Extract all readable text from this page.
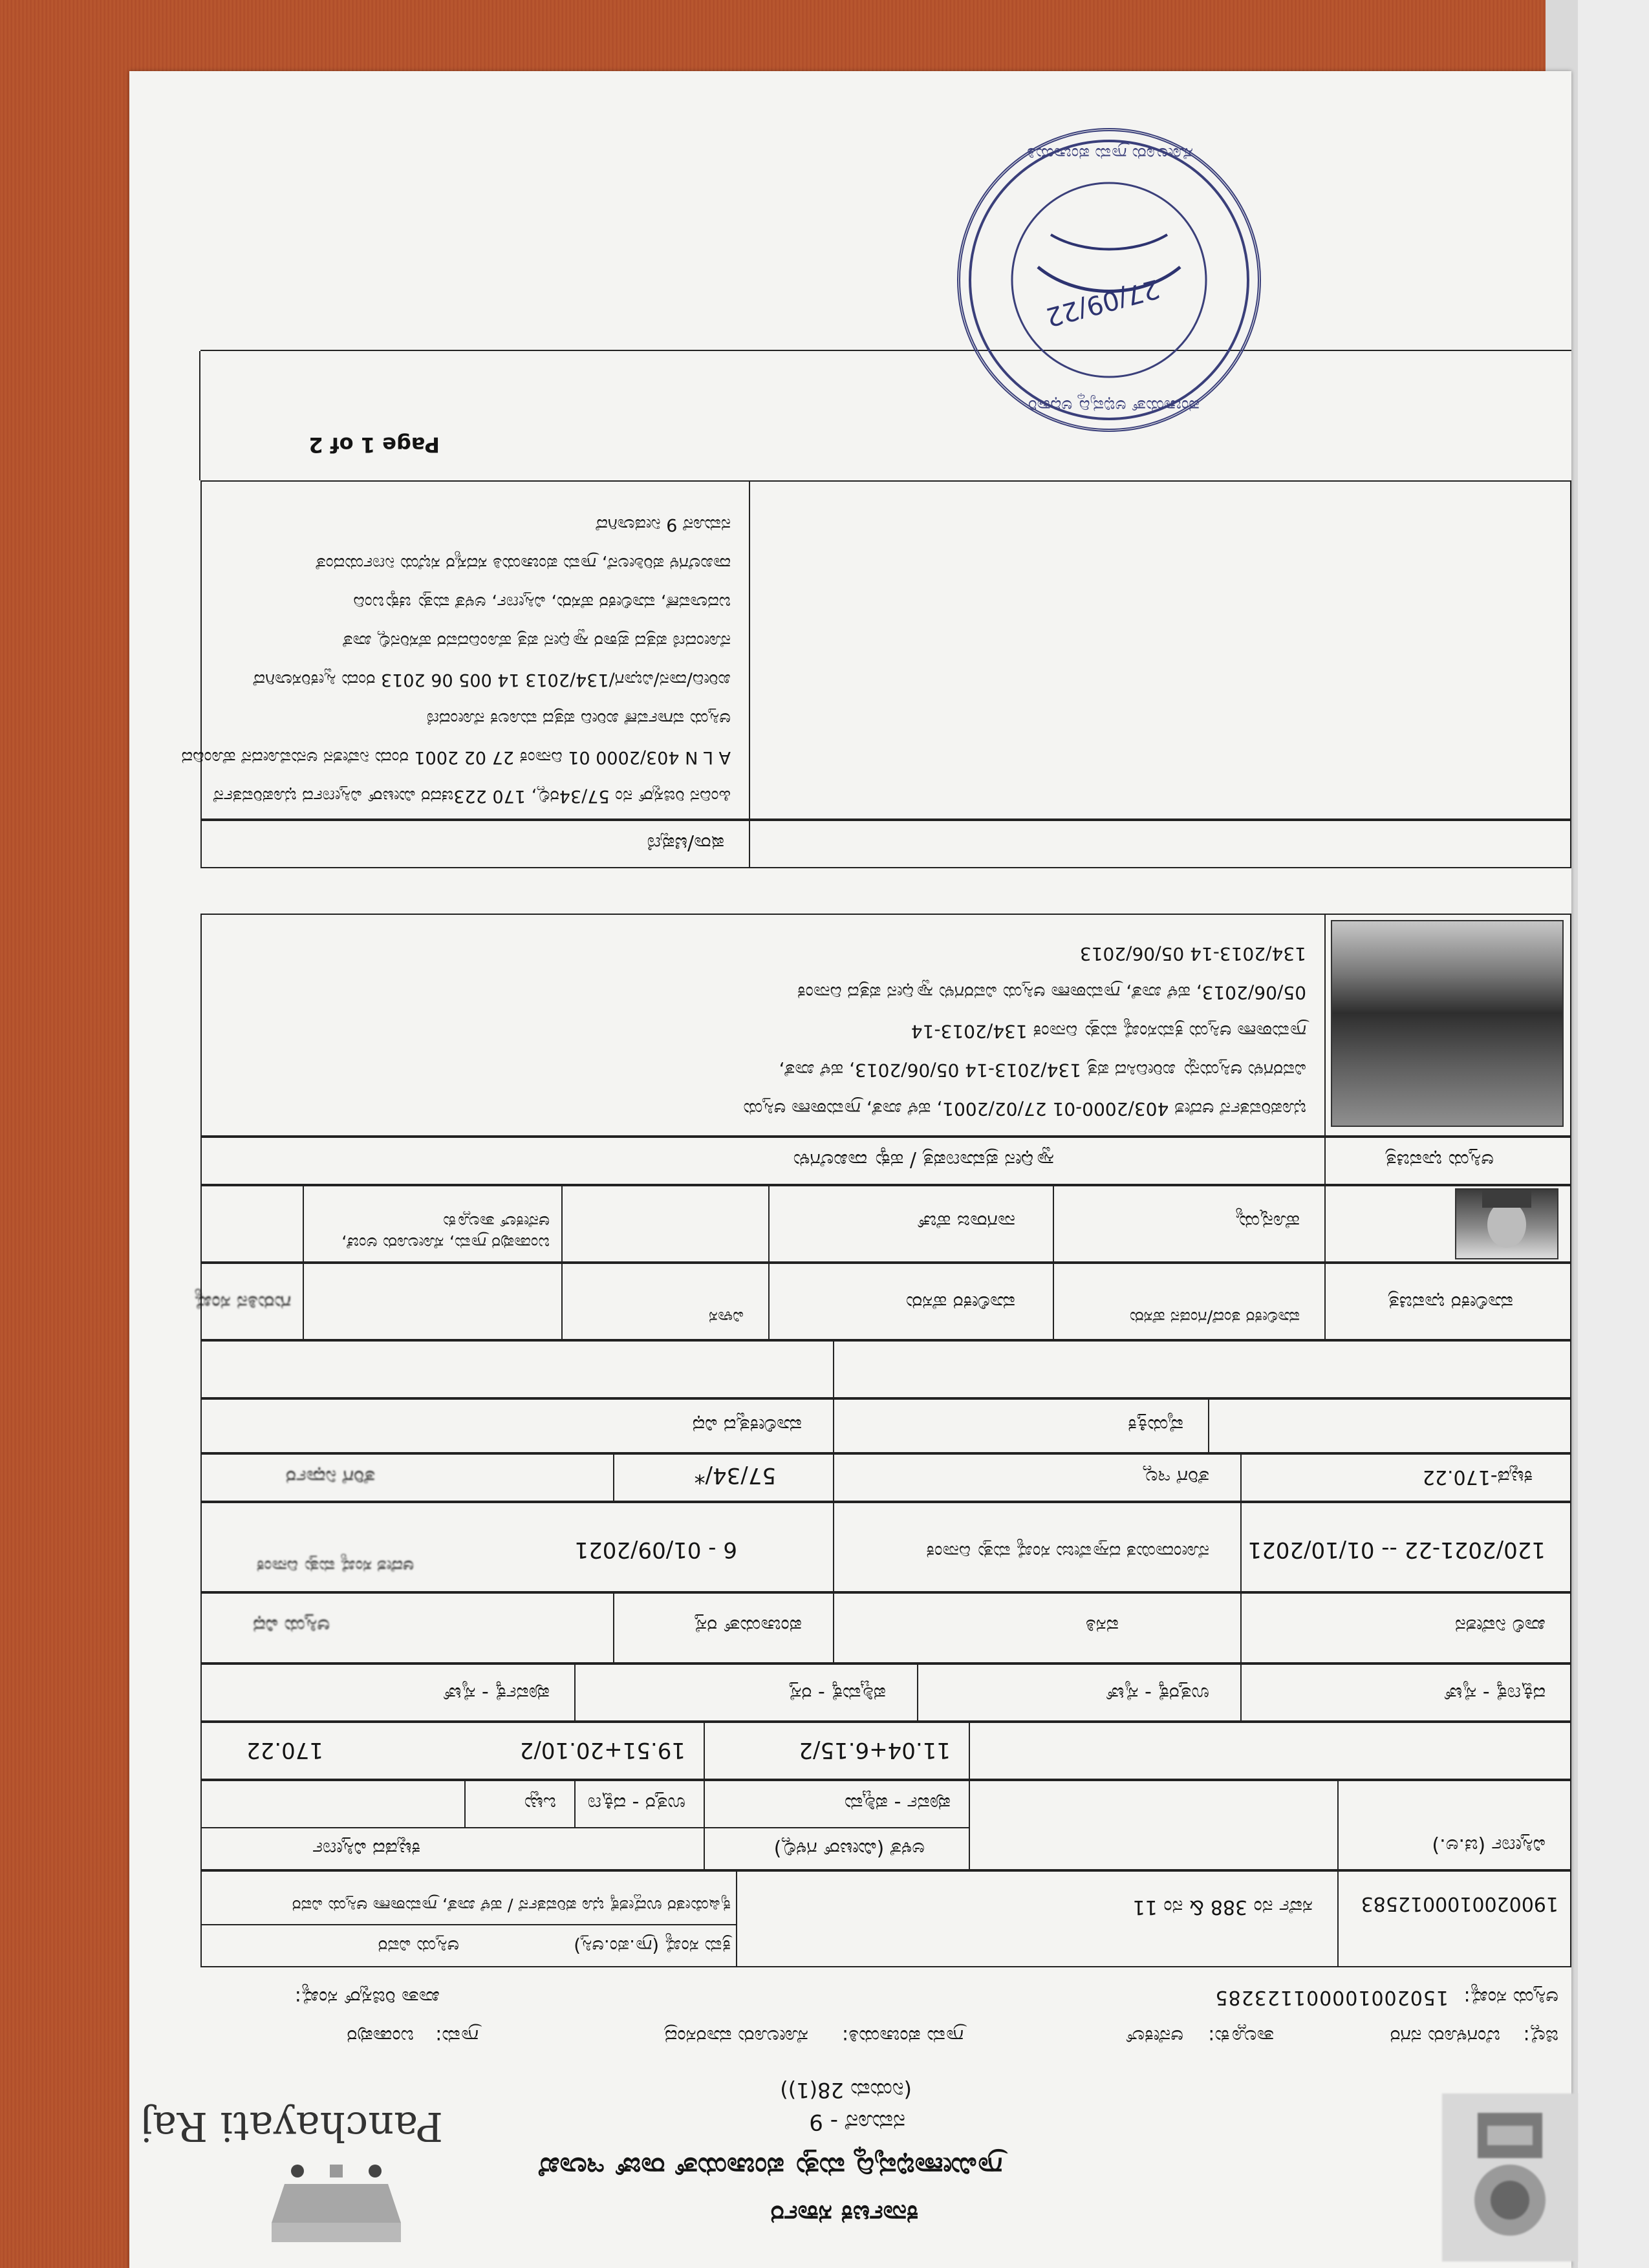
ಕರ್ನಾಟಕ ಸರ್ಕಾರ
ಗ್ರಾಮೀಣಾಭಿವೃದ್ಧಿ ಮತ್ತು ಪಂಚಾಯತ್ ರಾಜ್ ಇಲಾಖೆ
ನಮೂನೆ - 9
(ನಿಯಮ 28(1))
Panchayati Raj
ಜಿಲ್ಲೆ:
ಬೆಂಗಳೂರು ನಗರ
ತಾಲ್ಲೂಕು:
ಆನೇಕಲ್
ಗ್ರಾಮ ಪಂಚಾಯತಿ:
ಸೋಲೂರು ಮಾರಸಂದ್ರ
ಗ್ರಾಮ:
ಬಂಡಾಪುರ
ಆಸ್ತಿಯ ಸಂಖ್ಯೆ:
150200100001123285
ಖಾತಾ ರಿಜಿಸ್ಟರ್ ಸಂಖ್ಯೆ:
1900200100012583
ಸರ್ವೆ ನಂ 388 & ನಂ 11
ಕ್ರಮ ಸಂಖ್ಯೆ (ಗ್ರಾ.ಪಂ.ಆಸ್ತಿ)
ಆಸ್ತಿಯ ವಿವರ
ಕೃಷಿಯೇತರ ಉದ್ದೇಶಕ್ಕೆ ಭೂ ಪರಿವರ್ತನೆ / ಹಳೆ ಖಾತೆ, ಗ್ರಾಮಠಾಣಾ ಆಸ್ತಿಯ ವಿವರ
ವಿಸ್ತೀರ್ಣ (ಚ.ಅ.)
ಅಳತೆ (ಮೀಟರ್ ಗಳಲ್ಲಿ)
ಕಟ್ಟಡದ ವಿಸ್ತೀರ್ಣ
ಪೂರ್ವ - ಪಶ್ಚಿಮ
ಉತ್ತರ - ದಕ್ಷಿಣ
ಒಟ್ಟು
11.04+6.15/2
19.51+20.10/2
170.22
ದಕ್ಷಿಣಕ್ಕೆ - ಸೈಟ್
ಉತ್ತರಕ್ಕೆ - ಸೈಟ್
ಪಶ್ಚಿಮಕ್ಕೆ - ರಸ್ತೆ
ಪೂರ್ವಕ್ಕೆ - ಸೈಟ್
ಖಾಲಿ ನಿವೇಶನ
ವಸತಿ
ಪಂಚಾಯತ್ ರಸ್ತೆ
ಆಸ್ತಿಯ ವಿಧ
120/2021-22 -- 01/10/2021
ನೋಂದಾಯಿತ ದಸ್ತಾವೇಜು ಸಂಖ್ಯೆ ಮತ್ತು ದಿನಾಂಕ
6 - 01/09/2021
ಆದೇಶ ಸಂಖ್ಯೆ ಮತ್ತು ದಿನಾಂಕ
ಕಟ್ಟಡ-170.22
ತೆರಿಗೆ ಇಲ್ಲ
57/34/*
ತೆರಿಗೆ ನಿರ್ಧಾರ
ವೈಯಕ್ತಿಕ
ಮಾಲೀಕತ್ವದ ವಿಧ
ಮಾಲೀಕರ ಭಾವಚಿತ್ರ
ಮಾಲೀಕರ ತಂದೆ/ಗಂಡನ ಹೆಸರು
ಮಾಲೀಕರ ಹೆಸರು
ವಿಳಾಸ
ಗುರುತಿನ ಸಂಖ್ಯೆ
ಹೊನ್ನಯ್ಯ
ನಾಗರಾಜ ಹೆಚ್
ಬಂಡಾಪುರ ಗ್ರಾಮ, ಸೋಲೂರು ಅಂಚೆ, ಆನೇಕಲ್ ತಾಲ್ಲೂಕು
ಆಸ್ತಿಯ ಭಾವಚಿತ್ರ
ಸ್ವಾಧೀನ ಪ್ರಮಾಣಪತ್ರ / ಹಕ್ಕು ದಾಖಲೆಗಳು
ಭೂಪರಿವರ್ತನೆ ಆದೇಶ 403/2000-01 27/02/2001, ಹಳೆ ಖಾತೆ, ಗ್ರಾಮಠಾಣಾ ಆಸ್ತಿಯ
ವಿವರಗಳು ಆಸ್ತಿಯನ್ನು ಖರೀದಿಸಿದ ಪತ್ರ 134/2013-14 05/06/2013, ಹಳೆ ಖಾತೆ,
ಗ್ರಾಮಠಾಣಾ ಆಸ್ತಿಯ ಕ್ರಮಸಂಖ್ಯೆ ಮತ್ತು ದಿನಾಂಕ 134/2013-14
05/06/2013, ಹಳೆ ಖಾತೆ, ಗ್ರಾಮಠಾಣಾ ಆಸ್ತಿಯ ವಿವರಗಳು ಸ್ವಾಧೀನ ಪತ್ರದ ದಿನಾಂಕ
134/2013-14 05/06/2013
ಷರಾ/ಟಿಪ್ಪಣಿ
ಹಿಂದಿನ ರಿಜಿಸ್ಟರ್ ನಂ 57/34ರಲ್ಲಿ, 170 223ಚದರ ಮೀಟರ್ ವಿಸ್ತೀರ್ಣದ ಭೂಪರಿವರ್ತನೆ
A L N 403/2000 01 ದಿನಾಂಕ 27 02 2001 ರಂದು ನಿವೇಶನ ಅನುಮೋದನೆ ಹೊಂದಿದ
ಆಸ್ತಿಯ ವರ್ಗಾವಣೆ ಖರೀದಿ ಪತ್ರದ ಮೂಲಕ ನೋಂದಣಿ
ಖರೀದಿ/ದಾನ/ವಿಭಾಗ/134/2013 14 005 06 2013 ರಂದು ಸ್ವೀಕರಿಸಲಾಗಿದೆ
ನೋಂದಣಿ ಪತ್ರದ ಪ್ರಕಾರ ಸ್ವಾಧೀನ ಪತ್ರ ಹೊಂದಿದವರ ಹೆಸರಿನಲ್ಲಿ ಖಾತೆ
ಬದಲಾವಣೆ, ಮಾಲೀಕರ ಹೆಸರು, ವಿಸ್ತೀರ್ಣ, ಅಳತೆ ಮತ್ತು ಚಕ್ಕುಬಂದಿ
ದಾಖಲೆಗಳ ಪರಿಶೀಲನೆ, ಗ್ರಾಮ ಪಂಚಾಯತಿ ಸದಸ್ಯರ ಸಭೆಯ ನಿರ್ಣಯದಂತೆ
ನಮೂನೆ 9 ನೀಡಲಾಗಿದೆ
Page 1 of 2
ಪಂಚಾಯತ್ ಅಭಿವೃದ್ಧಿ ಅಧಿಕಾರಿ
27/09/22
ಸೋಲೂರು ಗ್ರಾಮ ಪಂಚಾಯತಿ
